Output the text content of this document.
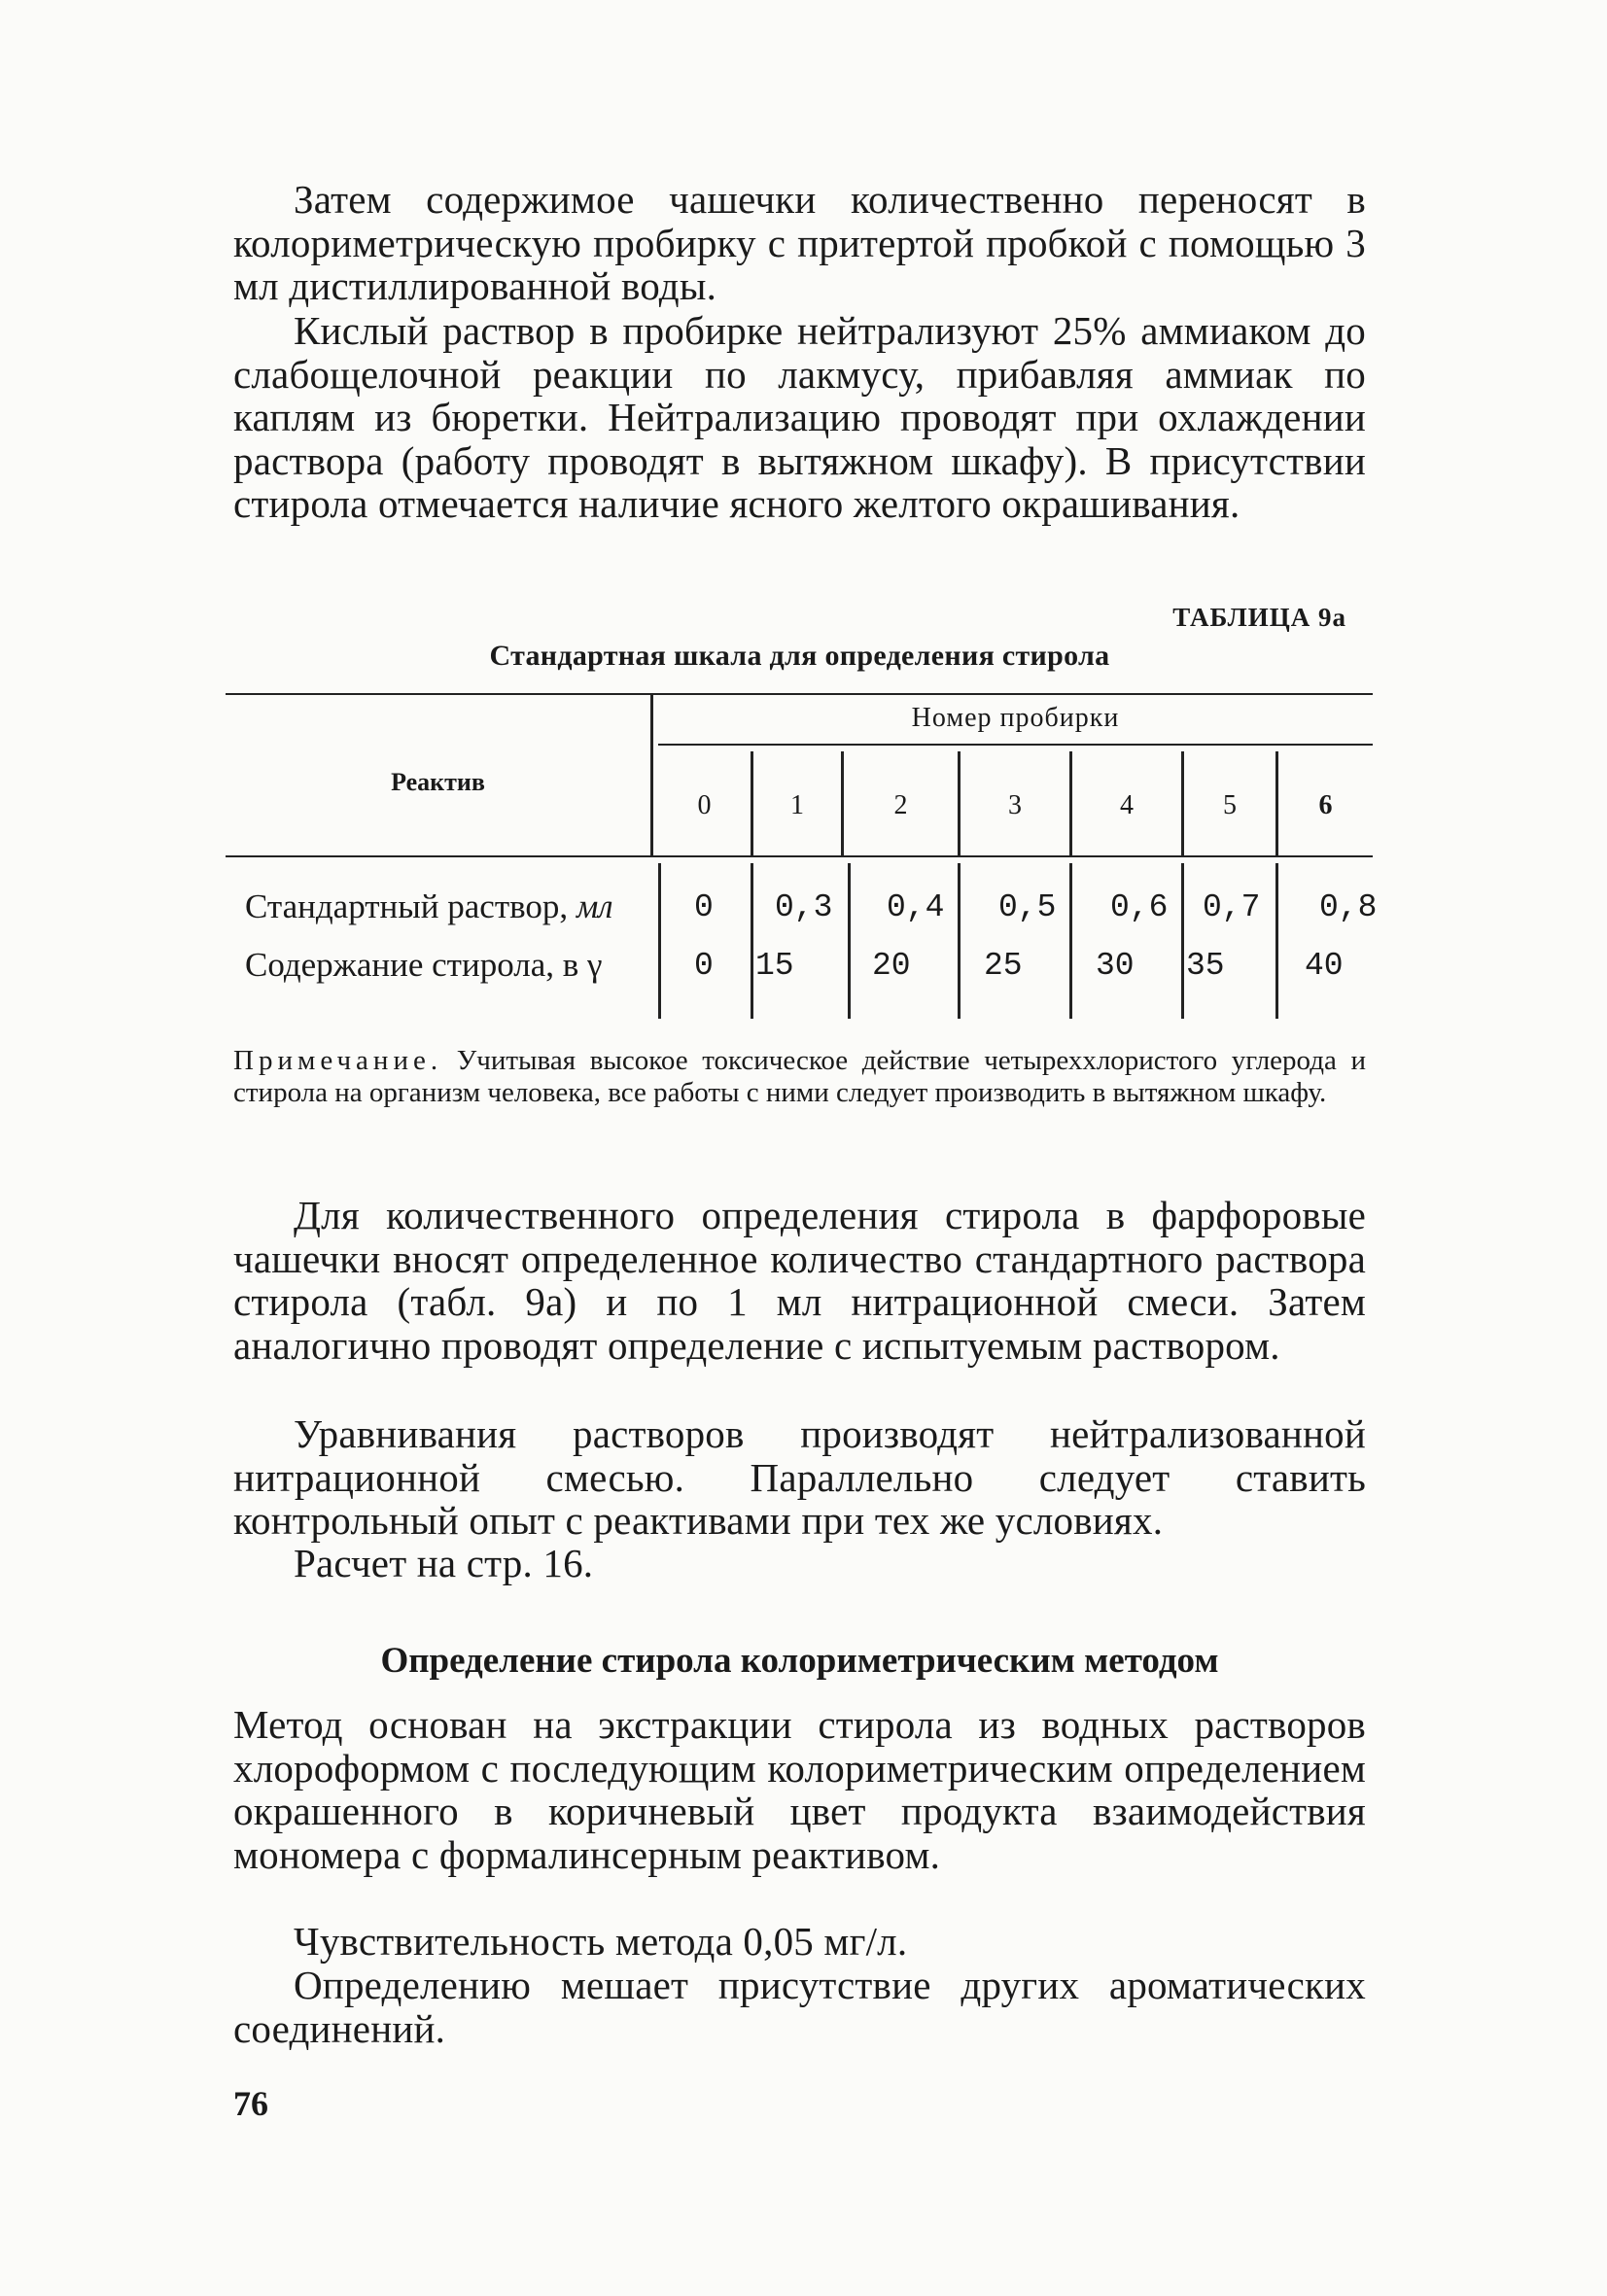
Затем содержимое чашечки количественно переносят в колориметрическую пробирку с притертой пробкой с помощью 3 мл дистиллированной воды.
Кислый раствор в пробирке нейтрализуют 25% аммиаком до слабощелочной реакции по лакмусу, прибавляя аммиак по каплям из бюретки. Нейтрализацию проводят при охлаждении раствора (работу проводят в вытяжном шкафу). В присутствии стирола отмечается наличие ясного желтого окрашивания.
ТАБЛИЦА 9а
Стандартная шкала для определения стирола
Реактив
Номер пробирки
0	1	2	3	4	5	6
Стандартный раствор, мл	0 0,3 0,4 0,5 0,6 0,7 0,8
Содержание стирола, в γ	0 15 20 25 30 35 40
Примечание. Учитывая высокое токсическое действие четыреххлористого углерода и стирола на организм человека, все работы с ними следует производить в вытяжном шкафу.
Для количественного определения стирола в фарфоровые чашечки вносят определенное количество стандартного раствора стирола (табл. 9а) и по 1 мл нитрационной смеси. Затем аналогично проводят определение с испытуемым раствором.
Уравнивания растворов производят нейтрализованной нитрационной смесью. Параллельно следует ставить контрольный опыт с реактивами при тех же условиях.
Расчет на стр. 16.
Определение стирола колориметрическим методом
Метод основан на экстракции стирола из водных растворов хлороформом с последующим колориметрическим определением окрашенного в коричневый цвет продукта взаимодействия мономера с формалинсерным реактивом.
Чувствительность метода 0,05 мг/л.
Определению мешает присутствие других ароматических соединений.
76
